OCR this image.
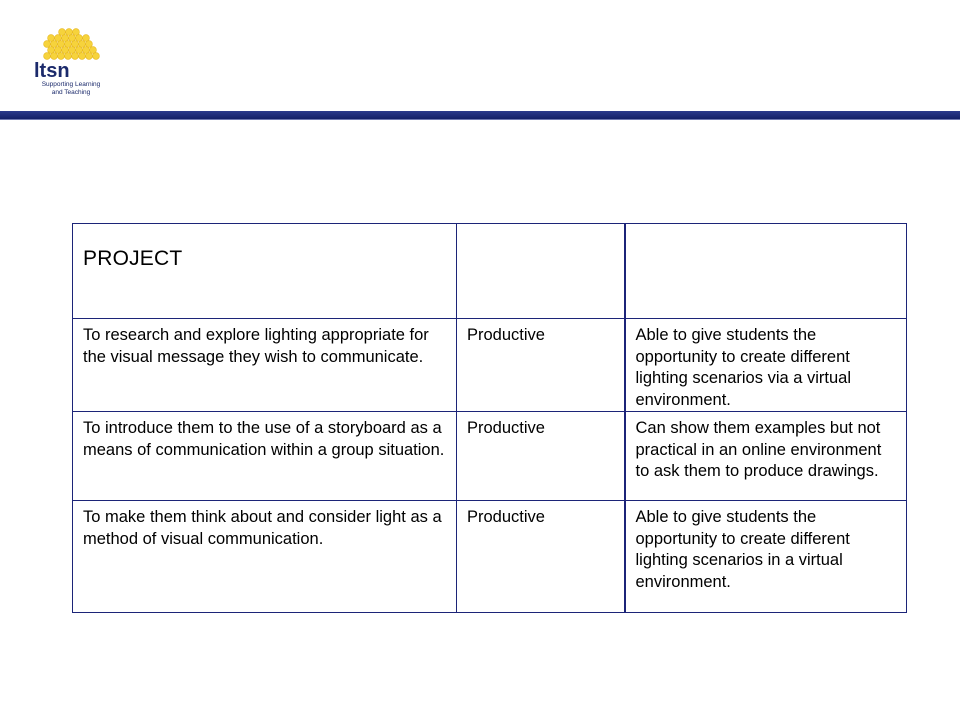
ltsn
Supporting Learning
and Teaching
PROJECT		
To research and explore lighting appropriate for the visual message they wish to communicate.	Productive	Able to give students the opportunity to create different lighting scenarios via a virtual environment.
To introduce them to the use of a storyboard as a means of communication within a group situation.	Productive	Can show them examples but not practical in an online environment to ask them to produce drawings.
To make them think about and consider light as a method of visual communication.	Productive	Able to give students the opportunity to create different lighting scenarios in a virtual environment.
